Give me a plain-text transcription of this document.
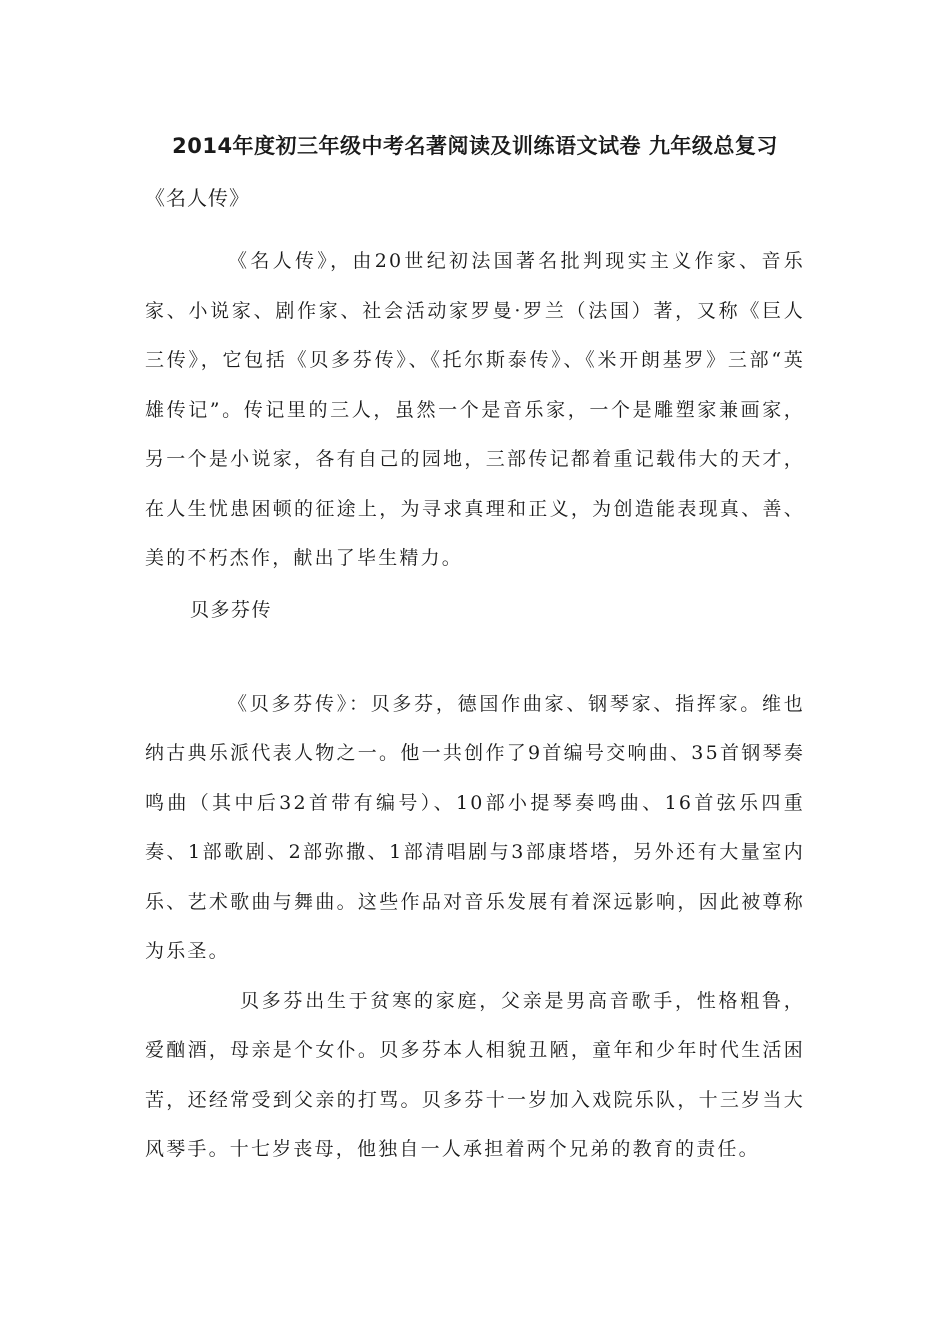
2014年度初三年级中考名著阅读及训练语文试卷 九年级总复习
《名人传》

《名人传》，由20世纪初法国著名批判现实主义作家、音乐家、小说家、剧作家、社会活动家罗曼·罗兰（法国）著，又称《巨人三传》，它包括《贝多芬传》、《托尔斯泰传》、《米开朗基罗》三部“英雄传记”。传记里的三人，虽然一个是音乐家，一个是雕塑家兼画家，另一个是小说家，各有自己的园地，三部传记都着重记载伟大的天才，在人生忧患困顿的征途上，为寻求真理和正义，为创造能表现真、善、美的不朽杰作，献出了毕生精力。

贝多芬传

《贝多芬传》：贝多芬，德国作曲家、钢琴家、指挥家。维也纳古典乐派代表人物之一。他一共创作了9首编号交响曲、35首钢琴奏鸣曲（其中后32首带有编号）、10部小提琴奏鸣曲、16首弦乐四重奏、1部歌剧、2部弥撒、1部清唱剧与3部康塔塔，另外还有大量室内乐、艺术歌曲与舞曲。这些作品对音乐发展有着深远影响，因此被尊称为乐圣。

贝多芬出生于贫寒的家庭，父亲是男高音歌手，性格粗鲁，爱酗酒，母亲是个女仆。贝多芬本人相貌丑陋，童年和少年时代生活困苦，还经常受到父亲的打骂。贝多芬十一岁加入戏院乐队，十三岁当大风琴手。十七岁丧母，他独自一人承担着两个兄弟的教育的责任。
